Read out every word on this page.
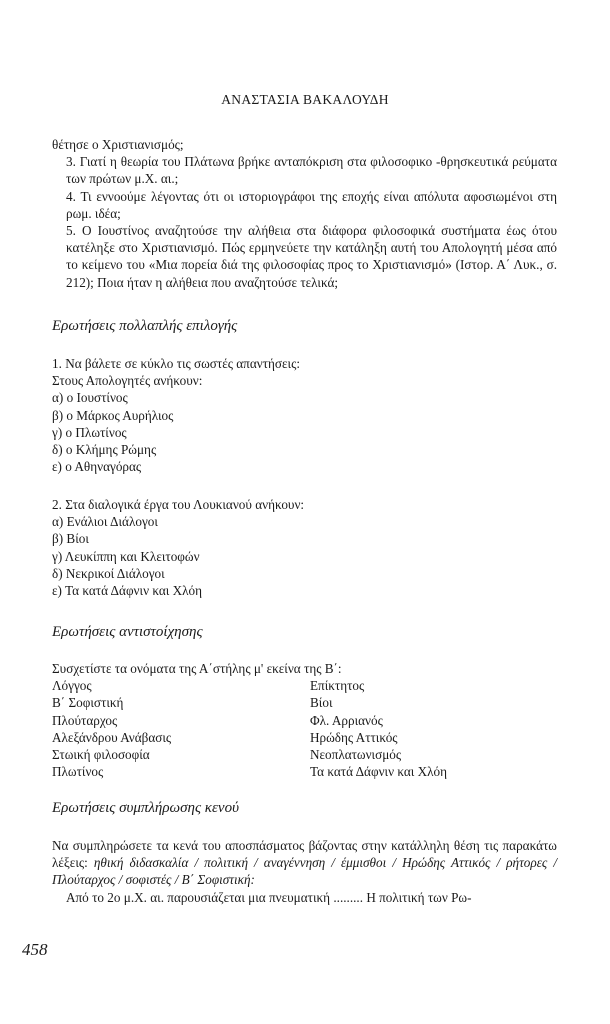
ΑΝΑΣΤΑΣΙΑ ΒΑΚΑΛΟΥΔΗ

θέτησε ο Χριστιανισμός;

3. Γιατί η θεωρία του Πλάτωνα βρήκε ανταπόκριση στα φιλοσοφικο -θρησκευτικά ρεύματα των πρώτων μ.Χ. αι.;

4. Τι εννοούμε λέγοντας ότι οι ιστοριογράφοι της εποχής είναι απόλυτα αφοσιωμένοι στη ρωμ. ιδέα;

5. Ο Ιουστίνος αναζητούσε την αλήθεια στα διάφορα φιλοσοφικά συστήματα έως ότου κατέληξε στο Χριστιανισμό. Πώς ερμηνεύετε την κατάληξη αυτή του Απολογητή μέσα από το κείμενο του «Μια πορεία διά της φιλοσοφίας προς το Χριστιανισμό» (Ιστορ. Α΄ Λυκ., σ. 212); Ποια ήταν η αλήθεια που αναζητούσε τελικά;

Ερωτήσεις πολλαπλής επιλογής

1. Να βάλετε σε κύκλο τις σωστές απαντήσεις:

Στους Απολογητές ανήκουν:

α) ο Ιουστίνος

β) ο Μάρκος Αυρήλιος

γ) ο Πλωτίνος

δ) ο Κλήμης Ρώμης

ε) ο Αθηναγόρας

2. Στα διαλογικά έργα του Λουκιανού ανήκουν:

α) Ενάλιοι Διάλογοι

β) Βίοι

γ) Λευκίππη και Κλειτοφών

δ) Νεκρικοί Διάλογοι

ε) Τα κατά Δάφνιν και Χλόη

Ερωτήσεις αντιστοίχησης

Συσχετίστε τα ονόματα της Α΄στήλης μ' εκείνα της Β΄:

Λόγγος	Επίκτητος
Β΄ Σοφιστική	Βίοι
Πλούταρχος	Φλ. Αρριανός
Αλεξάνδρου Ανάβασις	Ηρώδης Αττικός
Στωική φιλοσοφία	Νεοπλατωνισμός
Πλωτίνος	Τα κατά Δάφνιν και Χλόη

Ερωτήσεις συμπλήρωσης κενού

Να συμπληρώσετε τα κενά του αποσπάσματος βάζοντας στην κατάλληλη θέση τις παρακάτω λέξεις: ηθική διδασκαλία / πολιτική / αναγέννηση / έμμισθοι / Ηρώδης Αττικός / ρήτορες / Πλούταρχος / σοφιστές / Β΄ Σοφιστική:

Από το 2ο μ.Χ. αι. παρουσιάζεται μια πνευματική ......... Η πολιτική των Ρω-

458
